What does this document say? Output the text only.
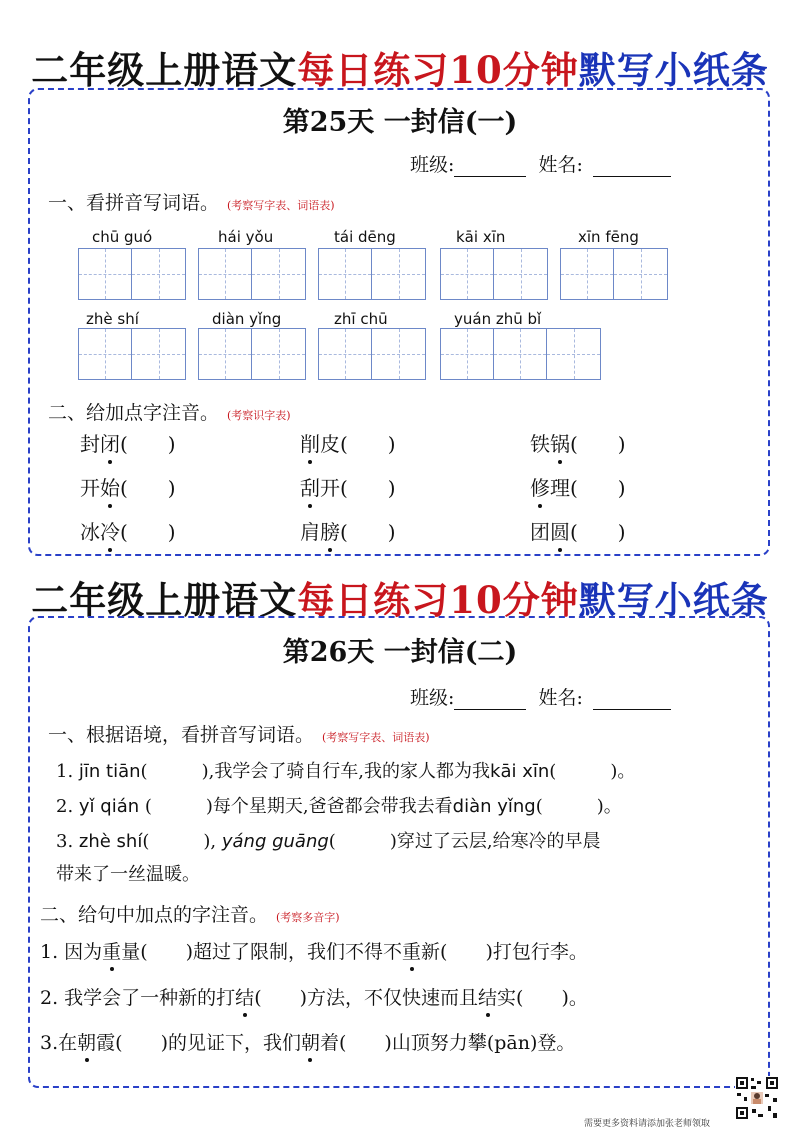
二年级上册语文每日练习10分钟默写小纸条
第25天 一封信(一)
班级:	姓名:
一、看拼音写词语。 (考察写字表、词语表)
chū guó	hái yǒu	tái dēng	kāi xīn	xīn fēng
zhè shí	diàn yǐng	zhī chū	yuán zhū bǐ
二、给加点字注音。 (考察识字表)
封闭(　　)	削皮(　　)	铁锅(　　)
开始(　　)	刮开(　　)	修理(　　)
冰冷(　　)	肩膀(　　)	团圆(　　)
二年级上册语文每日练习10分钟默写小纸条
第26天 一封信(二)
班级:	姓名:
一、根据语境，看拼音写词语。 (考察写字表、词语表)
1. jīn tiān(　　　),我学会了骑自行车,我的家人都为我kāi xīn(　　　)。
2. yǐ qián (　　　)每个星期天,爸爸都会带我去看diàn yǐng(　　　)。
3. zhè shí(　　　), yáng guāng(　　　)穿过了云层,给寒冷的早晨
带来了一丝温暖。
二、给句中加点的字注音。 (考察多音字)
1. 因为重量(　　)超过了限制，我们不得不重新(　　)打包行李。
2. 我学会了一种新的打结(　　)方法，不仅快速而且结实(　　)。
3.在朝霞(　　)的见证下，我们朝着(　　)山顶努力攀(pān)登。
需要更多资料请添加张老师领取
